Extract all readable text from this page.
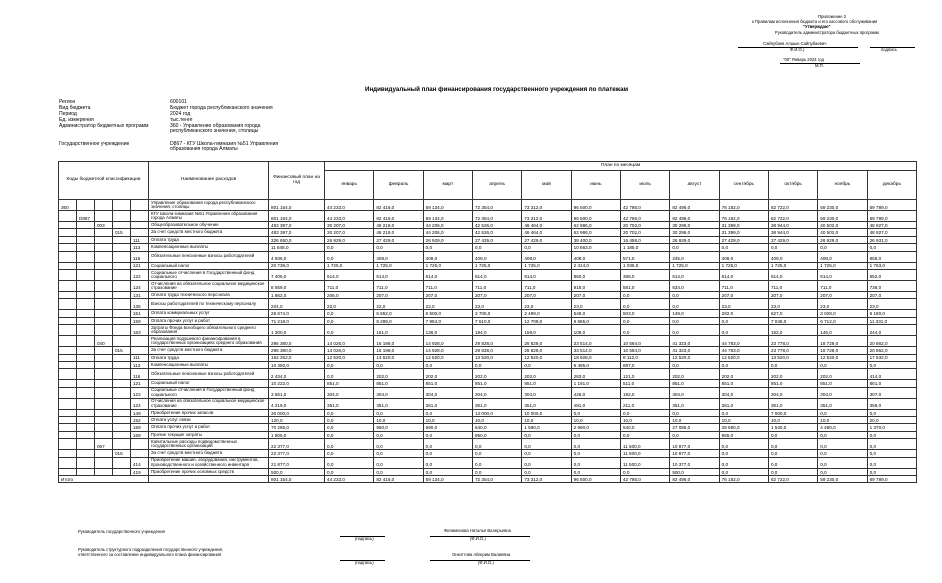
Приложение 2
к Правилам исполнения бюджета и его кассового обслуживания
"Утверждаю"
Руководитель администратора бюджетных программ
Сайпубаев Алшын Сайпубаевич
Ф.И.О.)	подпись
"05" Январь 2024 год
М.П.
Индивидуальный план финансирования государственного учреждения по платежам
Регион	600101
Вид бюджета	Бюджет города республиканского значения
Период	2024 год
Ед. измерения	тыс.тенге
Администратор бюджетных программ	360 - Управление образования города республиканского значения, столицы
Государственное учреждение	D867 - КГУ Школа-гимназия №51 Управления образования города Алматы
Коды бюджетной классификации					Наименование расходов	Финансовый план на год	План по месяцам											
							январь	февраль	март	апрель	май	июнь	июль	август	сентябрь	октябрь	ноябрь	декабрь

360					Управление образования города республиканского значения, столицы	801 154,0	44 233,0	82 416,0	59 134,0	72 354,0	73 312,0	96 500,0	42 786,0	82 496,0	76 182,0	62 722,0	59 230,0	69 789,0
	D867				КГУ Школа-гимназия №51 Управления образования города Алматы	801 154,0	44 233,0	82 416,0	59 134,0	72 354,0	73 312,0	96 500,0	42 786,0	82 496,0	76 182,0	62 722,0	59 230,0	69 789,0
		003			Общеобразовательное обучение	483 397,0	30 207,0	46 218,0	44 206,0	42 526,0	46 464,0	62 986,0	20 702,0	30 296,0	31 399,0	38 944,0	40 502,0	48 927,0
			015		За счет средств местного бюджета	483 397,0	30 207,0	46 218,0	44 206,0	42 526,0	46 464,0	62 986,0	20 702,0	30 296,0	31 399,0	38 944,0	40 502,0	48 927,0
				111	Оплата труда	326 650,0	26 929,0	27 429,0	26 929,0	27 429,0	27 429,0	38 400,0	16 458,0	26 929,0	27 429,0	27 429,0	26 929,0	26 931,0
				113	Компенсационные выплаты	11 848,0	0,0	0,0	0,0	0,0	0,0	10 663,0	1 185,0	0,0	0,0	0,0	0,0	0,0
				116	Обязательные пенсионные взносы работодателей	4 936,0	0,0	408,0	408,0	408,0	408,0	408,0	571,0	245,0	408,0	408,0	408,0	858,0
				121	Социальный налог	20 738,0	1 725,0	1 725,0	1 725,0	1 725,0	1 725,0	2 414,0	1 036,0	1 725,0	1 725,0	1 725,0	1 725,0	1 763,0
				122	Социальные отчисления в Государственный фонд социального	7 406,0	614,0	614,0	614,0	614,0	614,0	860,0	368,0	614,0	614,0	614,0	614,0	652,0
				124	Отчисления на обязательное социальное медицинское страхование	8 559,0	711,0	711,0	711,0	711,0	711,0	918,0	581,0	634,0	711,0	711,0	711,0	738,0
				131	Оплата труда технического персонала	1 862,0	206,0	207,0	207,0	207,0	207,0	207,0	0,0	0,0	207,0	207,0	207,0	207,0
				135	Взносы работодателей по техническому персоналу	204,0	22,0	22,0	22,0	23,0	23,0	23,0	0,0	0,0	23,0	23,0	23,0	23,0
				151	Оплата коммунальных услуг	28 674,0	0,0	5 652,0	5 500,0	3 705,0	2 499,0	549,0	503,0	149,0	282,0	627,0	3 028,0	6 180,0
				159	Оплата прочих услуг и работ	71 218,0	0,0	9 289,0	7 954,0	7 510,0	12 709,0	8 665,0	0,0	0,0	0,0	7 048,0	6 712,0	11 331,0
				163	Затраты Фонда всеобщего обязательного среднего образования	1 300,0	0,0	161,0	136,0	194,0	159,0	109,0	0,0	0,0	0,0	152,0	145,0	244,0
		040			Реализация подушевого финансирования в государственных организациях среднего образования	295 380,0	14 026,0	16 198,0	14 928,0	29 828,0	26 828,0	33 514,0	10 584,0	41 323,0	44 783,0	23 778,0	18 728,0	20 862,0
			015		За счет средств местного бюджета	295 380,0	14 026,0	16 198,0	14 928,0	29 828,0	26 828,0	33 514,0	10 584,0	41 323,0	44 783,0	23 778,0	18 728,0	20 862,0
				111	Оплата труда	162 252,0	12 520,0	13 520,0	12 520,0	13 520,0	12 520,0	18 928,0	8 112,0	12 520,0	12 520,0	13 520,0	12 520,0	17 532,0
				113	Компенсационные выплаты	10 392,0	0,0	0,0	0,0	0,0	0,0	9 495,0	897,0	0,0	0,0	0,0	0,0	0,0
				116	Обязательные пенсионные взносы работодателей	2 434,0	0,0	202,0	202,0	202,0	202,0	283,0	121,0	202,0	202,0	202,0	202,0	414,0
				121	Социальный налог	10 222,0	851,0	851,0	851,0	851,0	851,0	1 191,0	511,0	851,0	851,0	851,0	851,0	861,0
				122	Социальные отчисления в Государственный фонд социального	3 651,0	304,0	304,0	304,0	304,0	304,0	426,0	182,0	304,0	304,0	304,0	304,0	307,0
				124	Отчисления на обязательное социальное медицинское страхование	4 219,0	351,0	351,0	351,0	351,0	351,0	491,0	211,0	351,0	351,0	351,0	351,0	358,0
				149	Приобретение прочих запасов	30 000,0	0,0	0,0	0,0	13 000,0	10 000,0	0,0	0,0	0,0	0,0	7 000,0	0,0	0,0
				152	Оплата услуг связи	120,0	0,0	10,0	10,0	10,0	10,0	10,0	10,0	10,0	10,0	10,0	10,0	20,0
				159	Оплата прочих услуг и работ	70 285,0	0,0	960,0	690,0	640,0	1 590,0	2 690,0	540,0	27 085,0	28 690,0	1 540,0	4 490,0	1 370,0
				169	Прочие текущие затраты	1 805,0	0,0	0,0	0,0	950,0	0,0	0,0	0,0	0,0	855,0	0,0	0,0	0,0
		067			Капитальные расходы подведомственных государственных организаций	22 377,0	0,0	0,0	0,0	0,0	0,0	0,0	11 500,0	10 877,0	0,0	0,0	0,0	0,0
			015		За счет средств местного бюджета	22 377,0	0,0	0,0	0,0	0,0	0,0	0,0	11 500,0	10 877,0	0,0	0,0	0,0	0,0
				414	Приобретение машин, оборудования, инструментов, производственного и хозяйственного инвентаря	21 877,0	0,0	0,0	0,0	0,0	0,0	0,0	11 500,0	10 377,0	0,0	0,0	0,0	0,0
				419	Приобретение прочих основных средств	500,0	0,0	0,0	0,0	0,0	0,0	0,0	0,0	500,0	0,0	0,0	0,0	0,0
Итого						801 154,0	44 233,0	82 416,0	59 134,0	72 354,0	73 312,0	96 500,0	42 786,0	82 496,0	76 182,0	62 722,0	59 230,0	69 789,0
Руководитель государственного учреждения	Филимонова Наталья Валерьевна
(подпись)	(Ф.И.О.)
Руководитель структурного подразделения государственного учреждения,
ответственного за составление индивидуального плана финансирования	Онкоттова Айгерим Валиевна
(подпись)	(Ф.И.О.)
